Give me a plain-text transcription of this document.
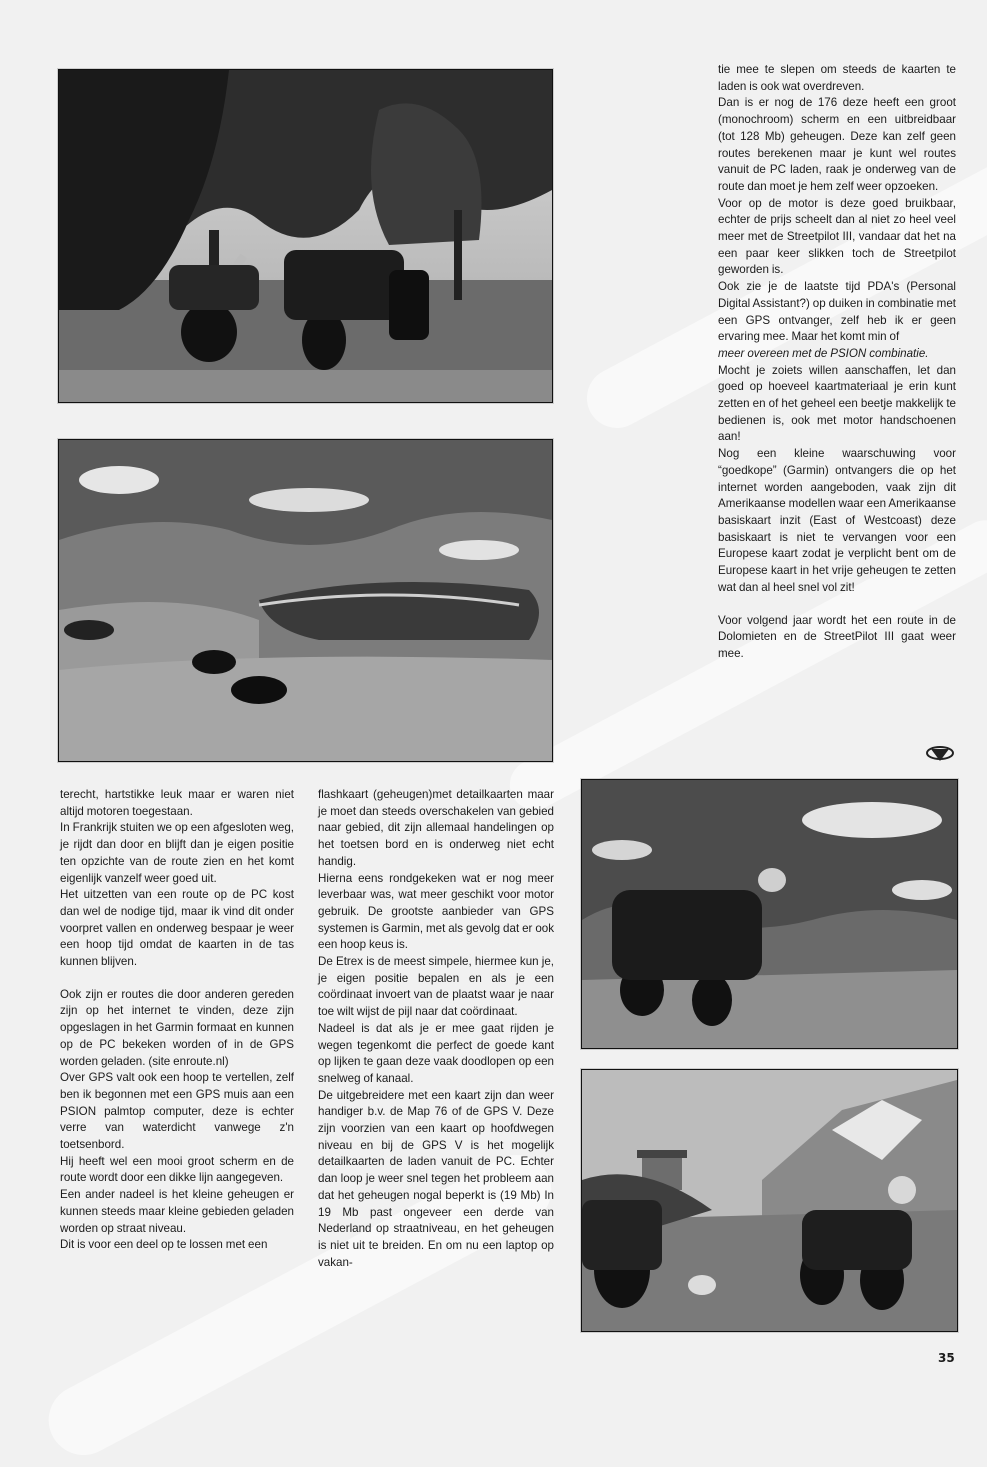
tie mee te slepen om steeds de kaarten te laden is ook wat overdreven.

Dan is er nog de 176 deze heeft een groot (monochroom) scherm en een uitbreidbaar (tot 128 Mb) geheugen. Deze kan zelf geen routes berekenen maar je kunt wel routes vanuit de PC laden, raak je onderweg van de route dan moet je hem zelf weer opzoeken.

Voor op de motor is deze goed bruikbaar, echter de prijs scheelt dan al niet zo heel veel meer met de Streetpilot III, vandaar dat het na een paar keer slikken toch de Streetpilot geworden is.

Ook zie je de laatste tijd PDA's (Personal Digital Assistant?) op duiken in combinatie met een GPS ontvanger, zelf heb ik er geen ervaring mee. Maar het komt min of

meer overeen met de PSION combinatie.

Mocht je zoiets willen aanschaffen, let dan goed op hoeveel kaartmateriaal je erin kunt zetten en of het geheel een beetje makkelijk te bedienen is, ook met motor handschoenen aan!

Nog een kleine waarschuwing voor “goedkope” (Garmin) ontvangers die op het internet worden aangeboden, vaak zijn dit Amerikaanse modellen waar een Amerikaanse basiskaart inzit (East of Westcoast) deze basiskaart is niet te vervangen voor een Europese kaart zodat je verplicht bent om de Europese kaart in het vrije geheugen te zetten wat dan al heel snel vol zit!

Voor volgend jaar wordt het een route in de Dolomieten en de StreetPilot III gaat weer mee.

terecht, hartstikke leuk maar er waren niet altijd motoren toegestaan.

In Frankrijk stuiten we op een afgesloten weg, je rijdt dan door en blijft dan je eigen positie ten opzichte van de route zien en het komt eigenlijk vanzelf weer goed uit.

Het uitzetten van een route op de PC kost dan wel de nodige tijd, maar ik vind dit onder voorpret vallen en onderweg bespaar je weer een hoop tijd omdat de kaarten in de tas kunnen blijven.

Ook zijn er routes die door anderen gereden zijn op het internet te vinden, deze zijn opgeslagen in het Garmin formaat en kunnen op de PC bekeken worden of in de GPS worden geladen. (site enroute.nl)

Over GPS valt ook een hoop te vertellen, zelf ben ik begonnen met een GPS muis aan een PSION palmtop computer, deze is echter verre van waterdicht vanwege z'n toetsenbord.

Hij heeft wel een mooi groot scherm en de route wordt door een dikke lijn aangegeven.

Een ander nadeel is het kleine geheugen er kunnen steeds maar kleine gebieden geladen worden op straat niveau.

Dit is voor een deel op te lossen met een

flashkaart (geheugen)met detailkaarten maar je moet dan steeds overschakelen van gebied naar gebied, dit zijn allemaal handelingen op het toetsen bord en is onderweg niet echt handig.

Hierna eens rondgekeken wat er nog meer leverbaar was, wat meer geschikt voor motor gebruik. De grootste aanbieder van GPS systemen is Garmin, met als gevolg dat er ook een hoop keus is.

De Etrex is de meest simpele, hiermee kun je, je eigen positie bepalen en als je een coördinaat invoert van de plaatst waar je naar toe wilt wijst de pijl naar dat coördinaat.

Nadeel is dat als je er mee gaat rijden je wegen tegenkomt die perfect de goede kant op lijken te gaan deze vaak doodlopen op een snelweg of kanaal.

De uitgebreidere met een kaart zijn dan weer handiger b.v. de Map 76 of de GPS V. Deze zijn voorzien van een kaart op hoofdwegen niveau en bij de GPS V is het mogelijk detailkaarten de laden vanuit de PC. Echter dan loop je weer snel tegen het probleem aan dat het geheugen nogal beperkt is (19 Mb) In 19 Mb past ongeveer een derde van Nederland op straatniveau, en het geheugen is niet uit te breiden. En om nu een laptop op vakan-

35
